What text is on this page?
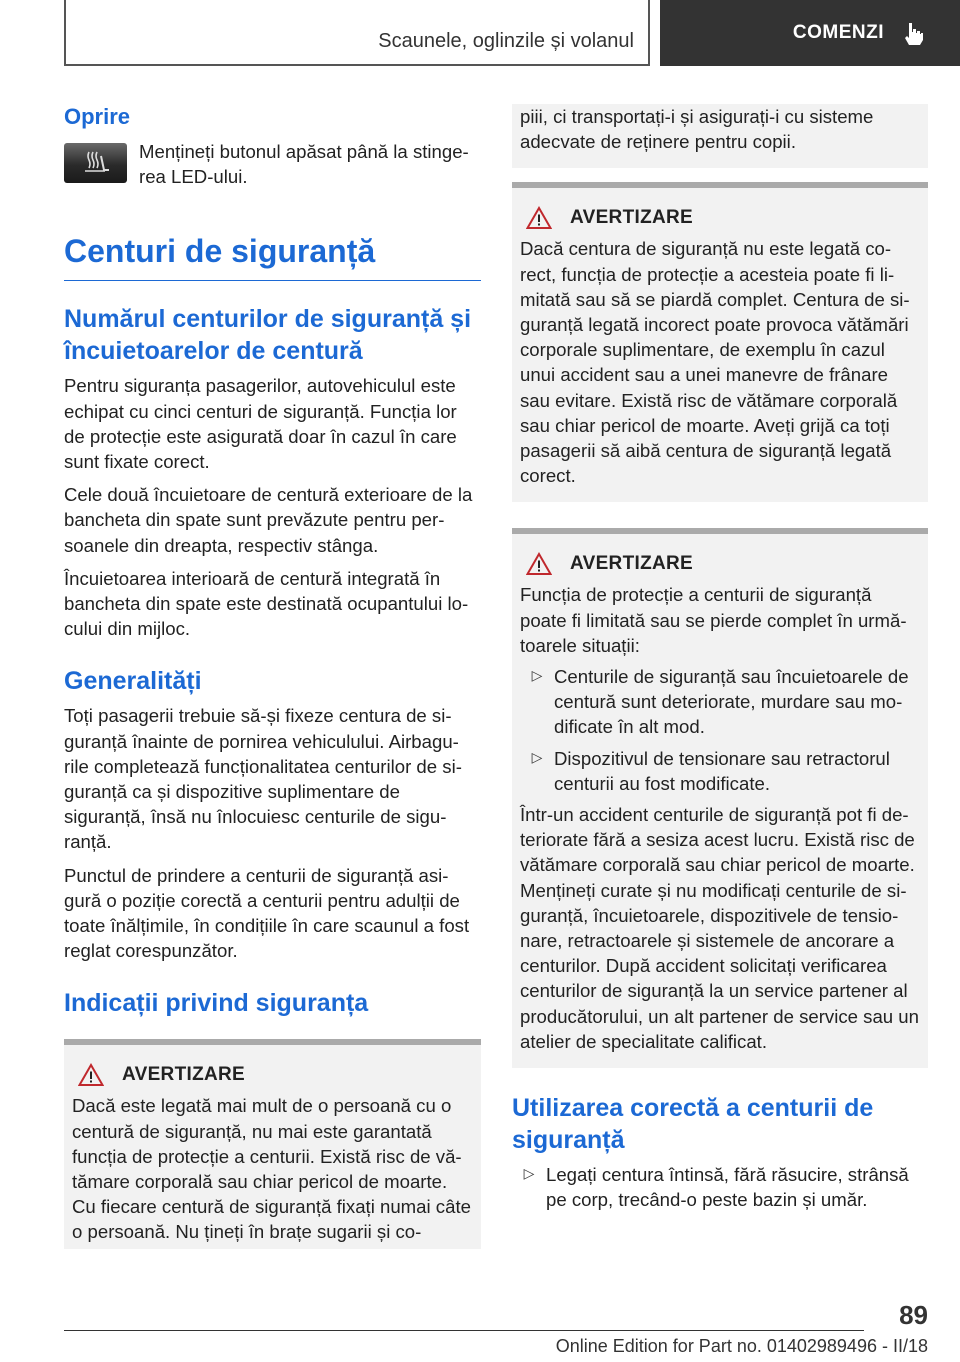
Scaunele, oglinzile și volanul	COMENZI
Oprire

Mențineți butonul apăsat până la stinge-rea LED-ului.

Centuri de siguranță
Numărul centurilor de siguranță și încuietoarelor de centură

Pentru siguranța pasagerilor, autovehiculul este echipat cu cinci centuri de siguranță. Funcția lor de protecție este asigurată doar în cazul în care sunt fixate corect.

Cele două încuietoare de centură exterioare de la bancheta din spate sunt prevăzute pentru per-soanele din dreapta, respectiv stânga.

Încuietoarea interioară de centură integrată în bancheta din spate este destinată ocupantului lo-cului din mijloc.

Generalități

Toți pasagerii trebuie să-și fixeze centura de si-guranță înainte de pornirea vehiculului. Airbagu-rile completează funcționalitatea centurilor de si-guranță ca și dispozitive suplimentare de siguranță, însă nu înlocuiesc centurile de sigu-ranță.

Punctul de prindere a centurii de siguranță asi-gură o poziție corectă a centurii pentru adulții de toate înălțimile, în condițiile în care scaunul a fost reglat corespunzător.

Indicații privind siguranța
AVERTIZARE

Dacă este legată mai mult de o persoană cu o centură de siguranță, nu mai este garantată funcția de protecție a centurii. Există risc de vă-tămare corporală sau chiar pericol de moarte. Cu fiecare centură de siguranță fixați numai câte o persoană. Nu țineți în brațe sugarii și co-

piii, ci transportați-i și asigurați-i cu sisteme adecvate de reținere pentru copii.

AVERTIZARE

Dacă centura de siguranță nu este legată co-rect, funcția de protecție a acesteia poate fi li-mitată sau să se piardă complet. Centura de si-guranță legată incorect poate provoca vătămări corporale suplimentare, de exemplu în cazul unui accident sau a unei manevre de frânare sau evitare. Există risc de vătămare corporală sau chiar pericol de moarte. Aveți grijă ca toți pasagerii să aibă centura de siguranță legată corect.

AVERTIZARE

Funcția de protecție a centurii de siguranță poate fi limitată sau se pierde complet în urmă-toarele situații:

▷ Centurile de siguranță sau încuietoarele de centură sunt deteriorate, murdare sau mo-dificate în alt mod.

▷ Dispozitivul de tensionare sau retractorul centurii au fost modificate.

Într-un accident centurile de siguranță pot fi de-teriorate fără a sesiza acest lucru. Există risc de vătămare corporală sau chiar pericol de moarte. Mențineți curate și nu modificați centurile de si-guranță, încuietoarele, dispozitivele de tensio-nare, retractoarele și sistemele de ancorare a centurilor. După accident solicitați verificarea centurilor de siguranță la un service partener al producătorului, un alt partener de service sau un atelier de specialitate calificat.

Utilizarea corectă a centurii de siguranță
▷ Legați centura întinsă, fără răsucire, strânsă pe corp, trecând-o peste bazin și umăr.

89
Online Edition for Part no. 01402989496 - II/18
